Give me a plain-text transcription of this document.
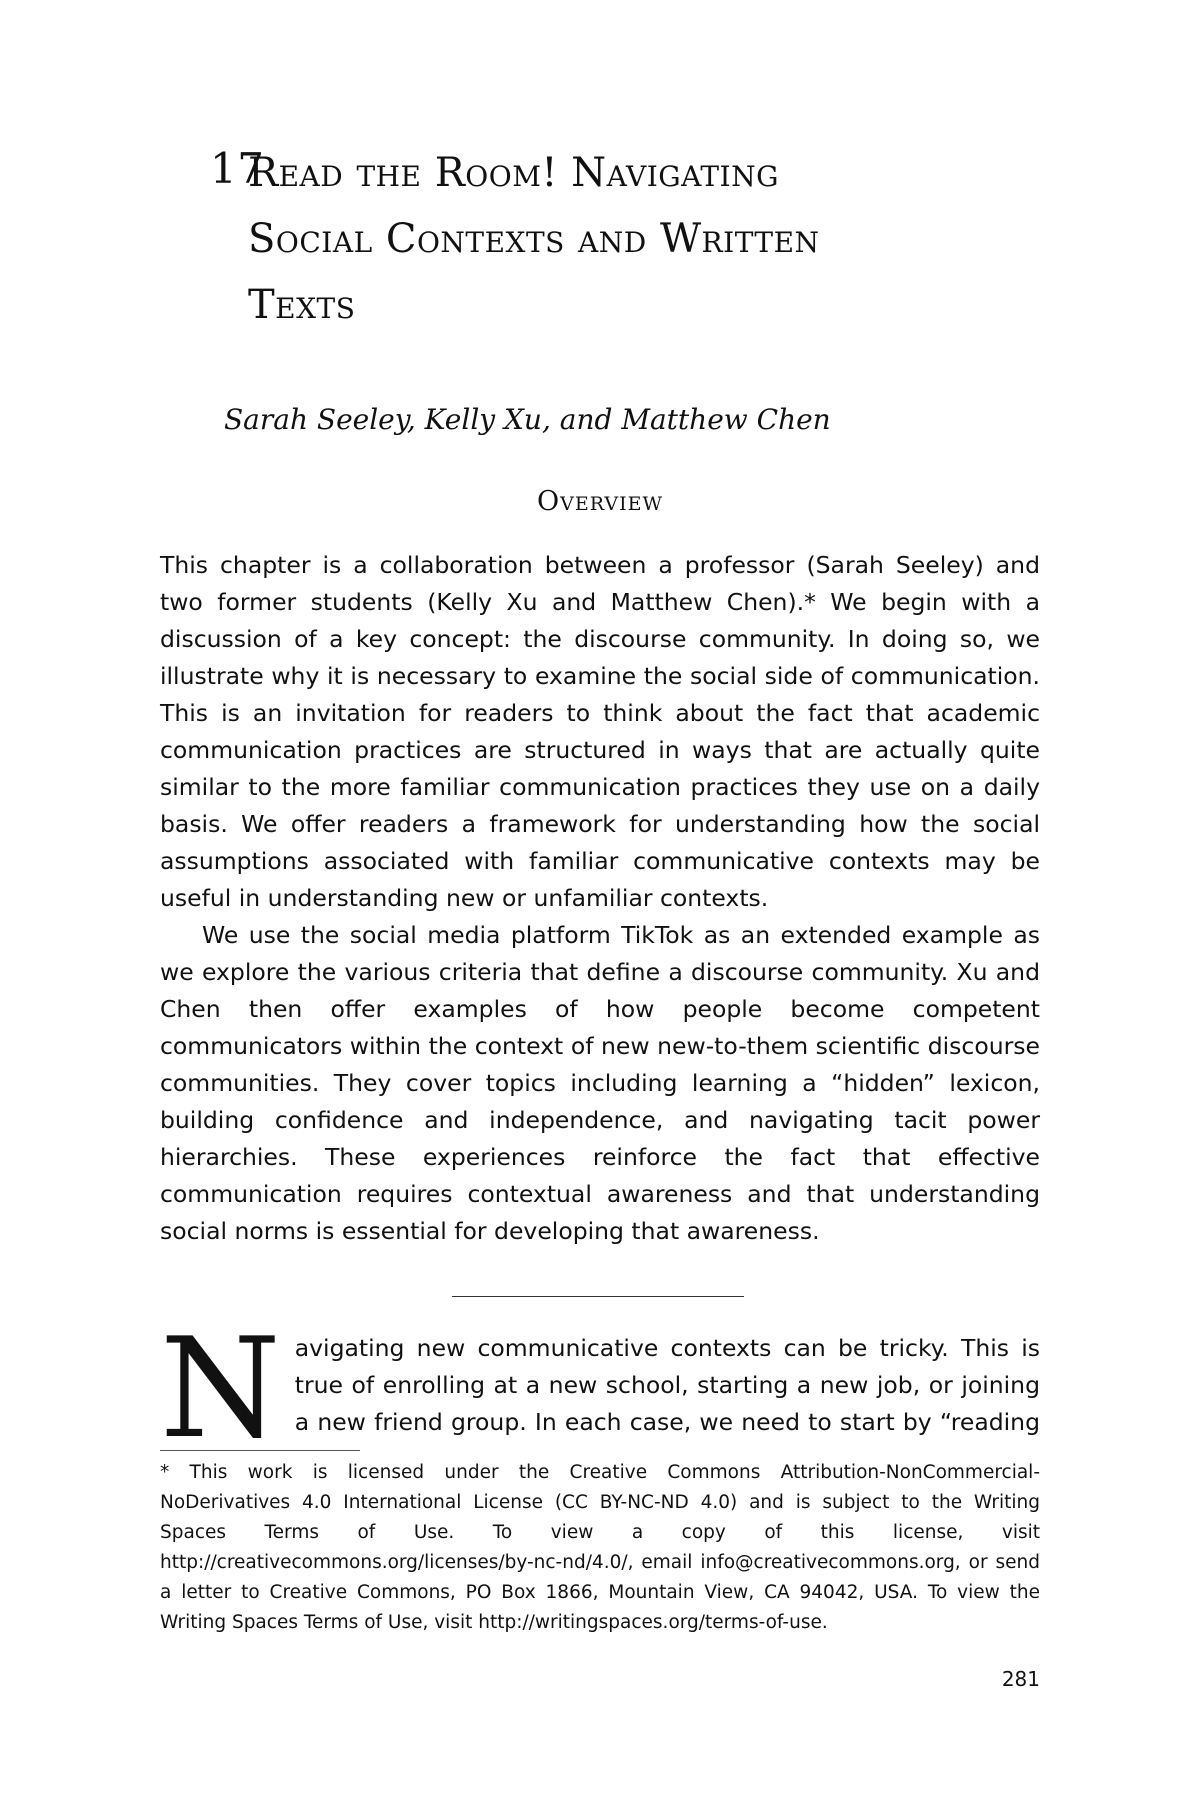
17
Read the Room! Navigating
Social Contexts and Written
Texts

Sarah Seeley, Kelly Xu, and Matthew Chen

Overview

This chapter is a collaboration between a professor (Sarah Seeley) and two former students (Kelly Xu and Matthew Chen).* We begin with a discussion of a key concept: the discourse community. In doing so, we illustrate why it is necessary to examine the social side of communication. This is an invitation for readers to think about the fact that academic communication practices are structured in ways that are actually quite similar to the more familiar communication practices they use on a daily basis. We offer readers a framework for understanding how the social assumptions associated with familiar communicative contexts may be useful in understanding new or unfamiliar contexts.

We use the social media platform TikTok as an extended example as we explore the various criteria that define a discourse community. Xu and Chen then offer examples of how people become competent communicators within the context of new new-to-them scientific discourse communities. They cover topics including learning a “hidden” lexicon, building confidence and independence, and navigating tacit power hierarchies. These experiences reinforce the fact that effective communication requires contextual awareness and that understanding social norms is essential for developing that awareness.

N avigating new communicative contexts can be tricky. This is true of enrolling at a new school, starting a new job, or joining a new friend group. In each case, we need to start by “reading

* This work is licensed under the Creative Commons Attribution-NonCommercial-NoDerivatives 4.0 International License (CC BY-NC-ND 4.0) and is subject to the Writing Spaces Terms of Use. To view a copy of this license, visit http://creativecommons.org/licenses/by-nc-nd/4.0/, email info@creativecommons.org, or send a letter to Creative Commons, PO Box 1866, Mountain View, CA 94042, USA. To view the Writing Spaces Terms of Use, visit http://writingspaces.org/terms-of-use.

281
